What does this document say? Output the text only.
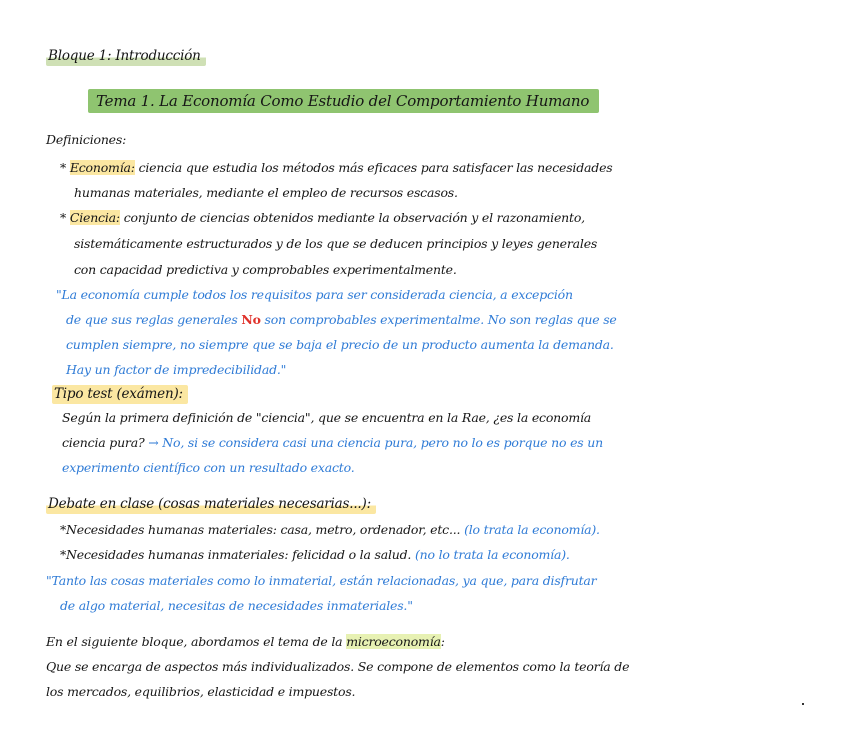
Bloque 1: Introducción
Tema 1. La Economía Como Estudio del Comportamiento Humano
Definiciones:
* Economía: ciencia que estudia los métodos más eficaces para satisfacer las necesidades
humanas materiales, mediante el empleo de recursos escasos.
* Ciencia: conjunto de ciencias obtenidos mediante la observación y el razonamiento,
sistemáticamente estructurados y de los que se deducen principios y leyes generales
con capacidad predictiva y comprobables experimentalmente.
"La economía cumple todos los requisitos para ser considerada ciencia, a excepción
de que sus reglas generales No son comprobables experimentalme. No son reglas que se
cumplen siempre, no siempre que se baja el precio de un producto aumenta la demanda.
Hay un factor de impredecibilidad."
Tipo test (exámen):
Según la primera definición de "ciencia", que se encuentra en la Rae, ¿es la economía
ciencia pura? → No, si se considera casi una ciencia pura, pero no lo es porque no es un
experimento científico con un resultado exacto.
Debate en clase (cosas materiales necesarias...):
*Necesidades humanas materiales: casa, metro, ordenador, etc... (lo trata la economía).
*Necesidades humanas inmateriales: felicidad o la salud. (no lo trata la economía).
"Tanto las cosas materiales como lo inmaterial, están relacionadas, ya que, para disfrutar
de algo material, necesitas de necesidades inmateriales."
En el siguiente bloque, abordamos el tema de la microeconomía:
Que se encarga de aspectos más individualizados. Se compone de elementos como la teoría de
los mercados, equilibrios, elasticidad e impuestos.
